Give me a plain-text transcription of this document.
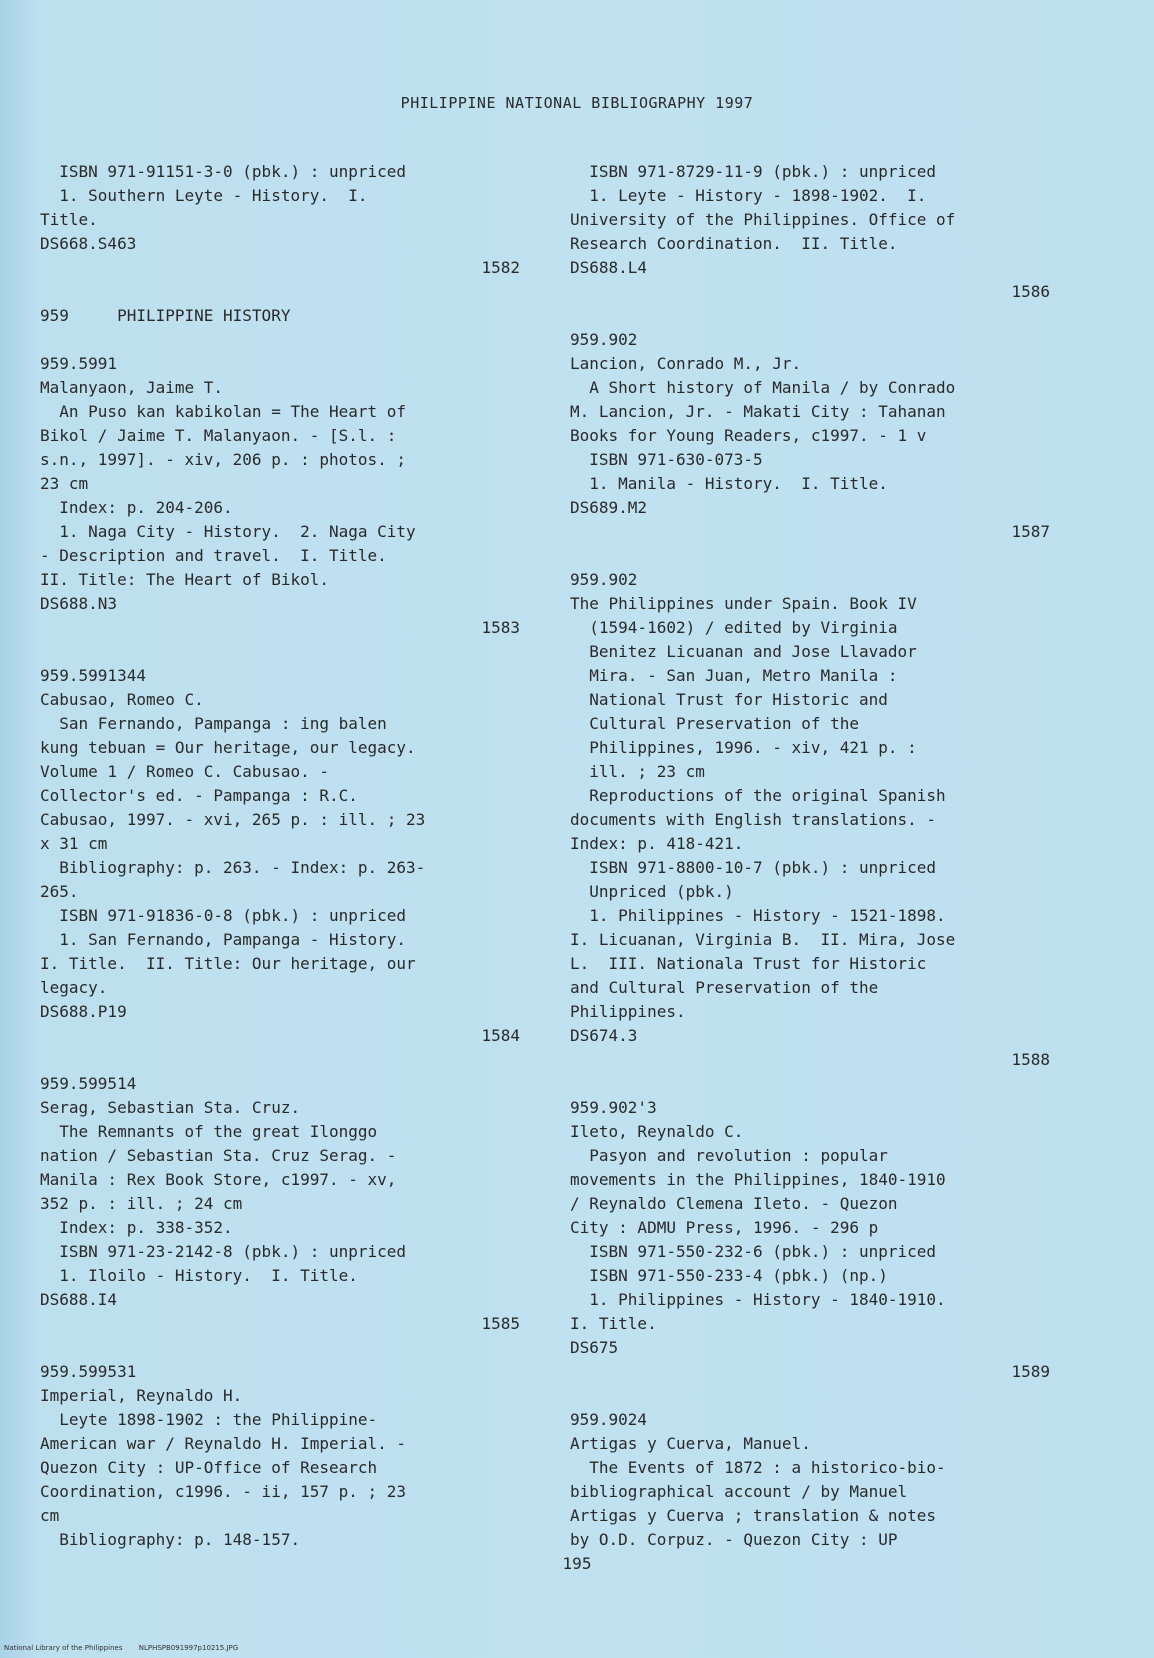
PHILIPPINE NATIONAL BIBLIOGRAPHY 1997
ISBN 971-91151-3-0 (pbk.) : unpriced
1. Southern Leyte - History.  I.
Title.
DS668.S463
1582
959     PHILIPPINE HISTORY
959.5991
Malanyaon, Jaime T.
An Puso kan kabikolan = The Heart of
Bikol / Jaime T. Malanyaon. - [S.l. :
s.n., 1997]. - xiv, 206 p. : photos. ;
23 cm
Index: p. 204-206.
1. Naga City - History.  2. Naga City
- Description and travel.  I. Title.
II. Title: The Heart of Bikol.
DS688.N3
1583
959.5991344
Cabusao, Romeo C.
San Fernando, Pampanga : ing balen
kung tebuan = Our heritage, our legacy.
Volume 1 / Romeo C. Cabusao. -
Collector's ed. - Pampanga : R.C.
Cabusao, 1997. - xvi, 265 p. : ill. ; 23
x 31 cm
Bibliography: p. 263. - Index: p. 263-
265.
ISBN 971-91836-0-8 (pbk.) : unpriced
1. San Fernando, Pampanga - History.
I. Title.  II. Title: Our heritage, our
legacy.
DS688.P19
1584
959.599514
Serag, Sebastian Sta. Cruz.
The Remnants of the great Ilonggo
nation / Sebastian Sta. Cruz Serag. -
Manila : Rex Book Store, c1997. - xv,
352 p. : ill. ; 24 cm
Index: p. 338-352.
ISBN 971-23-2142-8 (pbk.) : unpriced
1. Iloilo - History.  I. Title.
DS688.I4
1585
959.599531
Imperial, Reynaldo H.
Leyte 1898-1902 : the Philippine-
American war / Reynaldo H. Imperial. -
Quezon City : UP-Office of Research
Coordination, c1996. - ii, 157 p. ; 23
cm
Bibliography: p. 148-157.
ISBN 971-8729-11-9 (pbk.) : unpriced
1. Leyte - History - 1898-1902.  I.
University of the Philippines. Office of
Research Coordination.  II. Title.
DS688.L4
1586
959.902
Lancion, Conrado M., Jr.
A Short history of Manila / by Conrado
M. Lancion, Jr. - Makati City : Tahanan
Books for Young Readers, c1997. - 1 v
ISBN 971-630-073-5
1. Manila - History.  I. Title.
DS689.M2
1587
959.902
The Philippines under Spain. Book IV
(1594-1602) / edited by Virginia
Benitez Licuanan and Jose Llavador
Mira. - San Juan, Metro Manila :
National Trust for Historic and
Cultural Preservation of the
Philippines, 1996. - xiv, 421 p. :
ill. ; 23 cm
Reproductions of the original Spanish
documents with English translations. -
Index: p. 418-421.
ISBN 971-8800-10-7 (pbk.) : unpriced
Unpriced (pbk.)
1. Philippines - History - 1521-1898.
I. Licuanan, Virginia B.  II. Mira, Jose
L.  III. Nationala Trust for Historic
and Cultural Preservation of the
Philippines.
DS674.3
1588
959.902'3
Ileto, Reynaldo C.
Pasyon and revolution : popular
movements in the Philippines, 1840-1910
/ Reynaldo Clemena Ileto. - Quezon
City : ADMU Press, 1996. - 296 p
ISBN 971-550-232-6 (pbk.) : unpriced
ISBN 971-550-233-4 (pbk.) (np.)
1. Philippines - History - 1840-1910.
I. Title.
DS675
1589
959.9024
Artigas y Cuerva, Manuel.
The Events of 1872 : a historico-bio-
bibliographical account / by Manuel
Artigas y Cuerva ; translation & notes
by O.D. Corpuz. - Quezon City : UP
195
National Library of the Philippines NLPHSPB091997p10215.JPG
